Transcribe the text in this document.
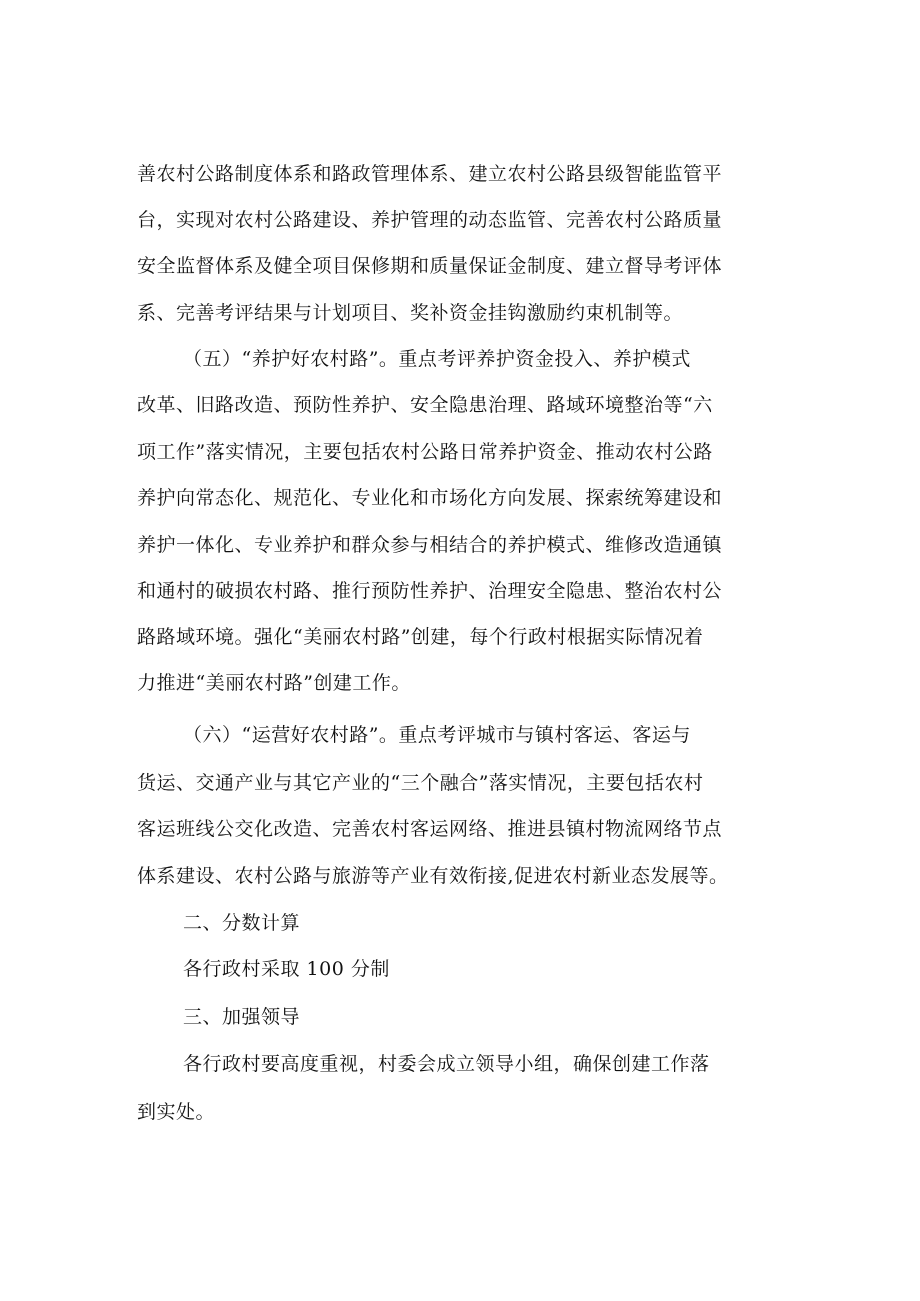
善农村公路制度体系和路政管理体系、建立农村公路县级智能监管平
台，实现对农村公路建设、养护管理的动态监管、完善农村公路质量
安全监督体系及健全项目保修期和质量保证金制度、建立督导考评体
系、完善考评结果与计划项目、奖补资金挂钩激励约束机制等。
（五）“养护好农村路”。重点考评养护资金投入、养护模式
改革、旧路改造、预防性养护、安全隐患治理、路域环境整治等“六
项工作”落实情况，主要包括农村公路日常养护资金、推动农村公路
养护向常态化、规范化、专业化和市场化方向发展、探索统筹建设和
养护一体化、专业养护和群众参与相结合的养护模式、维修改造通镇
和通村的破损农村路、推行预防性养护、治理安全隐患、整治农村公
路路域环境。强化“美丽农村路”创建，每个行政村根据实际情况着
力推进“美丽农村路”创建工作。
（六）“运营好农村路”。重点考评城市与镇村客运、客运与
货运、交通产业与其它产业的“三个融合”落实情况，主要包括农村
客运班线公交化改造、完善农村客运网络、推进县镇村物流网络节点
体系建设、农村公路与旅游等产业有效衔接,促进农村新业态发展等。
二、分数计算
各行政村采取 100 分制
三、加强领导
各行政村要高度重视，村委会成立领导小组，确保创建工作落
到实处。
